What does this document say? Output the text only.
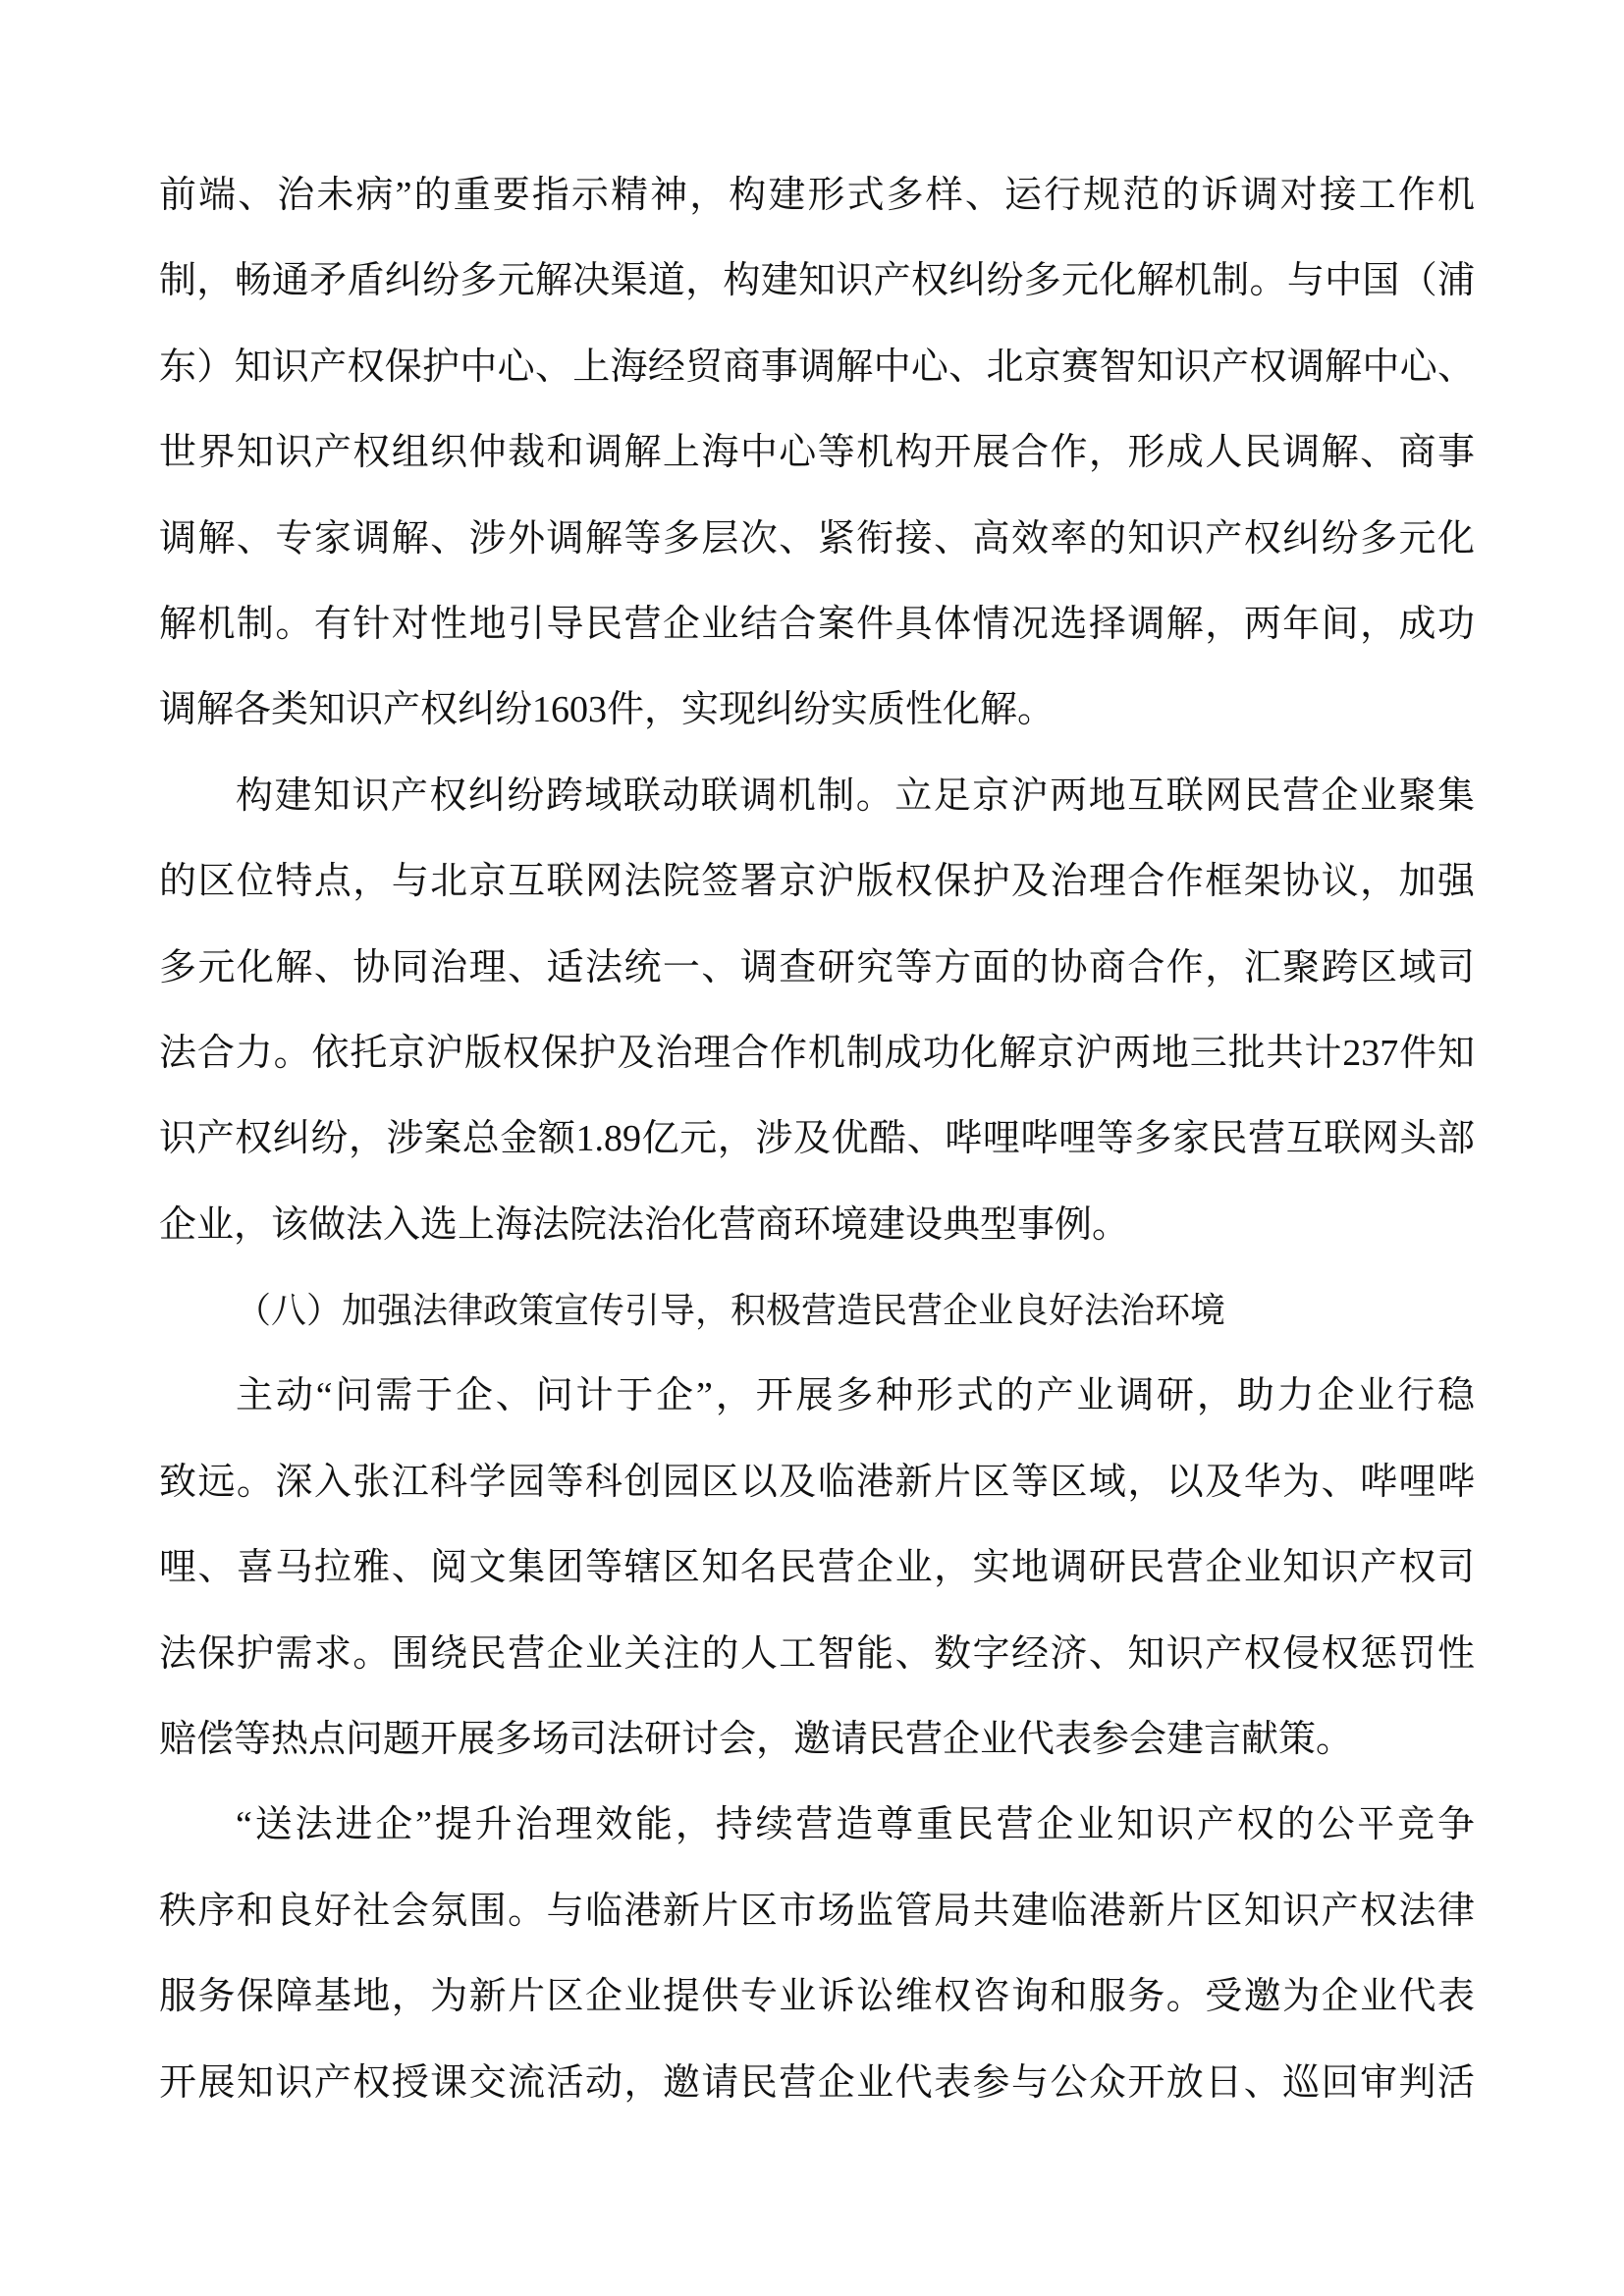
前端、治未病”的重要指示精神，构建形式多样、运行规范的诉调对接工作机
制，畅通矛盾纠纷多元解决渠道，构建知识产权纠纷多元化解机制。与中国（浦
东）知识产权保护中心、上海经贸商事调解中心、北京赛智知识产权调解中心、
世界知识产权组织仲裁和调解上海中心等机构开展合作，形成人民调解、商事
调解、专家调解、涉外调解等多层次、紧衔接、高效率的知识产权纠纷多元化
解机制。有针对性地引导民营企业结合案件具体情况选择调解，两年间，成功
调解各类知识产权纠纷1603件，实现纠纷实质性化解。
构建知识产权纠纷跨域联动联调机制。立足京沪两地互联网民营企业聚集
的区位特点，与北京互联网法院签署京沪版权保护及治理合作框架协议，加强
多元化解、协同治理、适法统一、调查研究等方面的协商合作，汇聚跨区域司
法合力。依托京沪版权保护及治理合作机制成功化解京沪两地三批共计237件知
识产权纠纷，涉案总金额1.89亿元，涉及优酷、哔哩哔哩等多家民营互联网头部
企业，该做法入选上海法院法治化营商环境建设典型事例。
（八）加强法律政策宣传引导，积极营造民营企业良好法治环境
主动“问需于企、问计于企”，开展多种形式的产业调研，助力企业行稳
致远。深入张江科学园等科创园区以及临港新片区等区域，以及华为、哔哩哔
哩、喜马拉雅、阅文集团等辖区知名民营企业，实地调研民营企业知识产权司
法保护需求。围绕民营企业关注的人工智能、数字经济、知识产权侵权惩罚性
赔偿等热点问题开展多场司法研讨会，邀请民营企业代表参会建言献策。
“送法进企”提升治理效能，持续营造尊重民营企业知识产权的公平竞争
秩序和良好社会氛围。与临港新片区市场监管局共建临港新片区知识产权法律
服务保障基地，为新片区企业提供专业诉讼维权咨询和服务。受邀为企业代表
开展知识产权授课交流活动，邀请民营企业代表参与公众开放日、巡回审判活
